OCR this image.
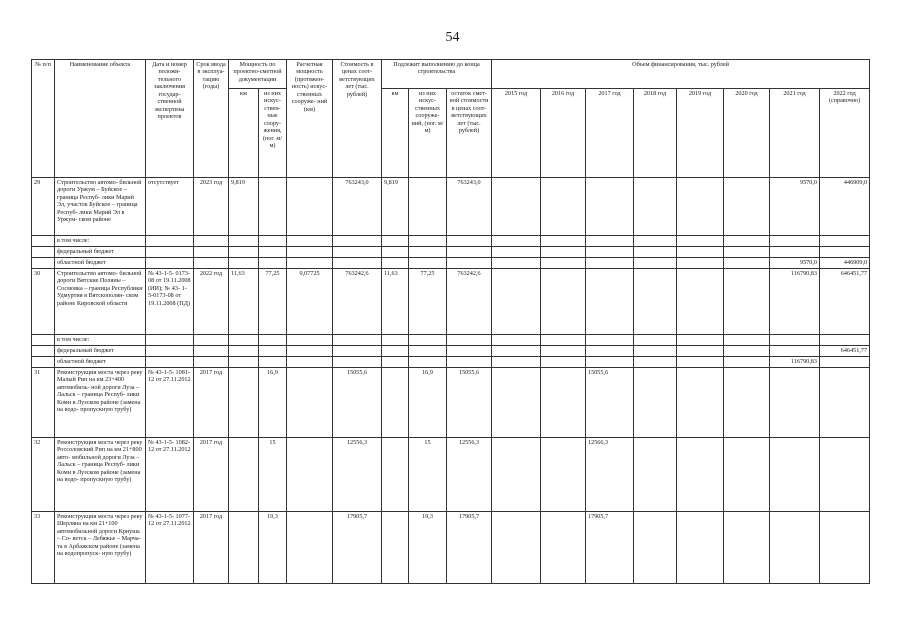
54
№ п/п	Наименование объекта	Дата и номер положи- тельного заключения государ- ственной экспертизы проектов	Срок ввода в эксплуа- тацию (годы)	Мощность по проектно-сметной документации		Расчетная мощность (протяжен- ность) искус- ственных сооруже- ний (км)	Стоимость в ценах соот- ветствующих лет (тыс. рублей)	Подлежит выполнению до конца строительства			Объем финансирования, тыс. рублей							
				км	из них искус- ствен- ные соору- жения, (пог. м/м)			км	из них искус- ственных сооруже- ний, (пог. м/м)	остаток смет- ной стоимости в ценах соот- ветствующих лет (тыс. рублей)	2015 год	2016 год	2017 год	2018 год	2019 год	2020 год	2021 год	2022 год (справочно)
29	Строительство автомо- бильной дороги Уржум – Буйское – граница Респуб- лики Марий Эл, участок Буйское – граница Респуб- лики Марий Эл в Уржум- ском районе	отсутствует	2023 год	9,819			763243,0	9,819		763243,0							9570,0	446909,0
	в том числе:																	
	федеральный бюджет																	
	областной бюджет																9570,0	446909,0
30	Строительство автомо- бильной дороги Вятские Поляны – Сосмовка – граница Республики Удмуртия в Вятскополян- ском районе Кировской области	№ 43-1-5- 0173-08 от 19.11.2008 (ИИ); № 43- 1-5-0173-08 от 19.11.2008 (ПД)	2022 год	11,63	77,25	0,07725	763242,6	11,63	77,25	763242,6							116790,83	646451,77
	в том числе:																	
	федеральный бюджет																	646451,77
	областной бюджет																116790,83	
31	Реконструкция моста через реку Малый Рип на км 23+400 автомобиль- ной дороги Луза – Лальск – граница Респуб- лики Коми в Лузском районе (замена на водо- пропускную трубу)	№ 43-1-5- 1081-12 от 27.11.2012	2017 год		16,9		15055,6		16,9	15055,6			15055,6					
32	Реконструкция моста через реку Россоловский Рип на км 21+800 авто- мобильной дороги Луза – Лальск – граница Респуб- лики Коми в Лузском районе (замена на водо- пропускную трубу)	№ 43-1-5- 1082-12 от 27.11.2012	2017 год		15		12556,3		15	12556,3			12566,3					
33	Реконструкция моста через реку Шерляна на км 21+100 автомобильной дороги Криуша – Со- ветск – Лебяжье – Марча- та в Арбажском районе (замена на водопропуск- ную трубу)	№ 43-1-5- 1077-12 от 27.11.2012	2017 год		19,3		17905,7		19,3	17905,7			17905,7					
